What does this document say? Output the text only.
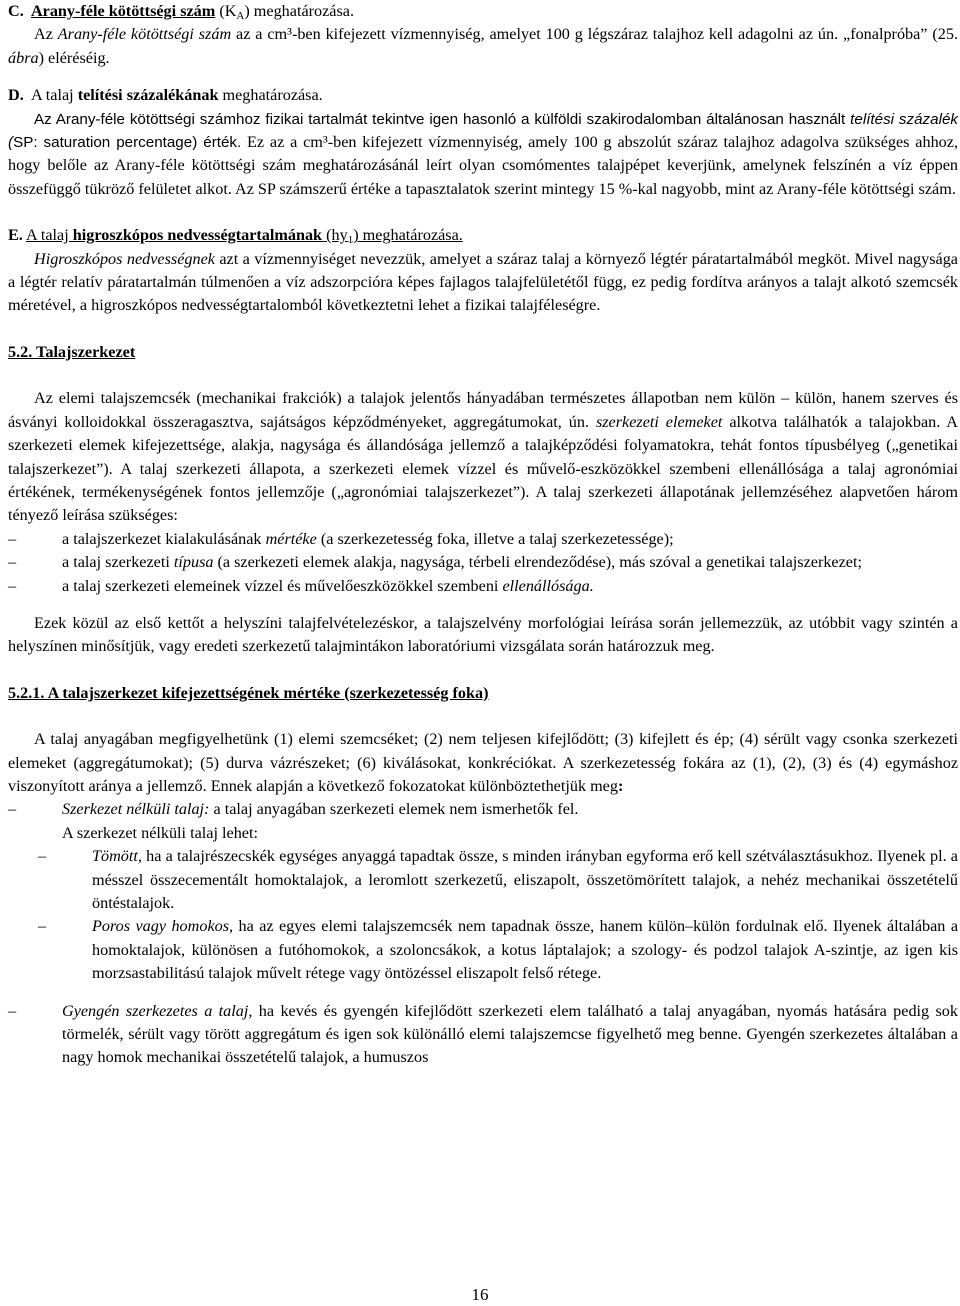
C. Arany-féle kötöttségi szám $(K_A)$ meghatározása.

Az Arany-féle kötöttségi szám az a cm³-ben kifejezett vízmennyiség, amelyet 100 g légszáraz talajhoz kell adagolni az ún. „fonalpróba” (25. ábra) eléréséig.

D. A talaj telítési százalékának meghatározása.

Az Arany-féle kötöttségi számhoz fizikai tartalmát tekintve igen hasonló a külföldi szakirodalomban általánosan használt telítési százalék (SP: saturation percentage) érték. Ez az a cm³-ben kifejezett vízmennyiség, amely 100 g abszolút száraz talajhoz adagolva szükséges ahhoz, hogy belőle az Arany-féle kötöttségi szám meghatározásánál leírt olyan csomómentes talajpépet keverjünk, amelynek felszínén a víz éppen összefüggő tükröző felületet alkot. Az SP számszerű értéke a tapasztalatok szerint mintegy 15 %-kal nagyobb, mint az Arany-féle kötöttségi szám.

E. A talaj higroszkópos nedvességtartalmának $(hy_1)$ meghatározása.

Higroszkópos nedvességnek azt a vízmennyiséget nevezzük, amelyet a száraz talaj a környező légtér páratartalmából megköt. Mivel nagysága a légtér relatív páratartalmán túlmenően a víz adszorpcióra képes fajlagos talajfelületétől függ, ez pedig fordítva arányos a talajt alkotó szemcsék méretével, a higroszkópos nedvességtartalomból következtetni lehet a fizikai talajféleségre.

5.2. Talajszerkezet

Az elemi talajszemcsék (mechanikai frakciók) a talajok jelentős hányadában természetes állapotban nem külön – külön, hanem szerves és ásványi kolloidokkal összeragasztva, sajátságos képződményeket, aggregátumokat, ún. szerkezeti elemeket alkotva találhatók a talajokban. A szerkezeti elemek kifejezettsége, alakja, nagysága és állandósága jellemző a talajképződési folyamatokra, tehát fontos típusbélyeg („genetikai talajszerkezet”). A talaj szerkezeti állapota, a szerkezeti elemek vízzel és művelő-eszközökkel szembeni ellenállósága a talaj agronómiai értékének, termékenységének fontos jellemzője („agronómiai talajszerkezet”). A talaj szerkezeti állapotának jellemzéséhez alapvetően három tényező leírása szükséges:

–	a talajszerkezet kialakulásának mértéke (a szerkezetesség foka, illetve a talaj szerkezetessége);
–	a talaj szerkezeti típusa (a szerkezeti elemek alakja, nagysága, térbeli elrendeződése), más szóval a genetikai talajszerkezet;
–	a talaj szerkezeti elemeinek vízzel és művelőeszközökkel szembeni ellenállósága.

Ezek közül az első kettőt a helyszíni talajfelvételezéskor, a talajszelvény morfológiai leírása során jellemezzük, az utóbbit vagy szintén a helyszínen minősítjük, vagy eredeti szerkezetű talajmintákon laboratóriumi vizsgálata során határozzuk meg.

5.2.1. A talajszerkezet kifejezettségének mértéke (szerkezetesség foka)

A talaj anyagában megfigyelhetünk (1) elemi szemcséket; (2) nem teljesen kifejlődött; (3) kifejlett és ép; (4) sérült vagy csonka szerkezeti elemeket (aggregátumokat); (5) durva vázrészeket; (6) kiválásokat, konkréciókat. A szerkezetesség fokára az (1), (2), (3) és (4) egymáshoz viszonyított aránya a jellemző. Ennek alapján a következő fokozatokat különböztethetjük meg:

–	Szerkezet nélküli talaj: a talaj anyagában szerkezeti elemek nem ismerhetők fel.
A szerkezet nélküli talaj lehet:
–	Tömött, ha a talajrészecskék egységes anyaggá tapadtak össze, s minden irányban egyforma erő kell szétválasztásukhoz. Ilyenek pl. a mésszel összecementált homoktalajok, a leromlott szerkezetű, eliszapolt, összetömörített talajok, a nehéz mechanikai összetételű öntéstalajok.
–	Poros vagy homokos, ha az egyes elemi talajszemcsék nem tapadnak össze, hanem külön–külön fordulnak elő. Ilyenek általában a homoktalajok, különösen a futóhomokok, a szoloncsákok, a kotus láptalajok; a szology- és podzol talajok A-szintje, az igen kis morzsastabilitású talajok művelt rétege vagy öntözéssel eliszapolt felső rétege.
–	Gyengén szerkezetes a talaj, ha kevés és gyengén kifejlődött szerkezeti elem található a talaj anyagában, nyomás hatására pedig sok törmelék, sérült vagy törött aggregátum és igen sok különálló elemi talajszemcse figyelhető meg benne. Gyengén szerkezetes általában a nagy homok mechanikai összetételű talajok, a humuszos
16
